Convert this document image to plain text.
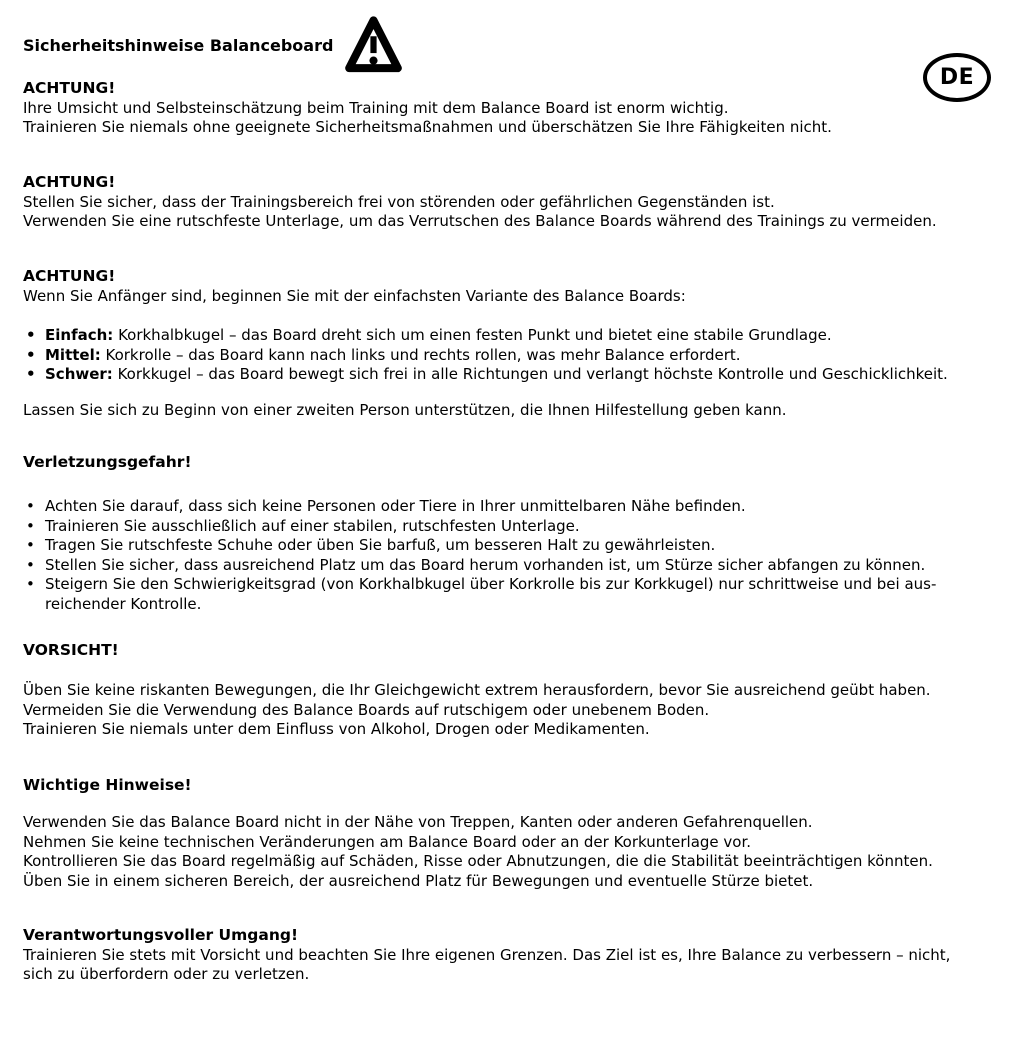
Sicherheitshinweise Balanceboard
DE
ACHTUNG!

Ihre Umsicht und Selbsteinschätzung beim Training mit dem Balance Board ist enorm wichtig.
Trainieren Sie niemals ohne geeignete Sicherheitsmaßnahmen und überschätzen Sie Ihre Fähigkeiten nicht.

ACHTUNG!

Stellen Sie sicher, dass der Trainingsbereich frei von störenden oder gefährlichen Gegenständen ist.
Verwenden Sie eine rutschfeste Unterlage, um das Verrutschen des Balance Boards während des Trainings zu vermeiden.

ACHTUNG!

Wenn Sie Anfänger sind, beginnen Sie mit der einfachsten Variante des Balance Boards:

• Einfach: Korkhalbkugel – das Board dreht sich um einen festen Punkt und bietet eine stabile Grundlage.
• Mittel: Korkrolle – das Board kann nach links und rechts rollen, was mehr Balance erfordert.
• Schwer: Korkkugel – das Board bewegt sich frei in alle Richtungen und verlangt höchste Kontrolle und Geschicklichkeit.

Lassen Sie sich zu Beginn von einer zweiten Person unterstützen, die Ihnen Hilfestellung geben kann.

Verletzungsgefahr!
• Achten Sie darauf, dass sich keine Personen oder Tiere in Ihrer unmittelbaren Nähe befinden.
• Trainieren Sie ausschließlich auf einer stabilen, rutschfesten Unterlage.
• Tragen Sie rutschfeste Schuhe oder üben Sie barfuß, um besseren Halt zu gewährleisten.
• Stellen Sie sicher, dass ausreichend Platz um das Board herum vorhanden ist, um Stürze sicher abfangen zu können.
• Steigern Sie den Schwierigkeitsgrad (von Korkhalbkugel über Korkrolle bis zur Korkkugel) nur schrittweise und bei aus-
reichender Kontrolle.
VORSICHT!

Üben Sie keine riskanten Bewegungen, die Ihr Gleichgewicht extrem herausfordern, bevor Sie ausreichend geübt haben.
Vermeiden Sie die Verwendung des Balance Boards auf rutschigem oder unebenem Boden.
Trainieren Sie niemals unter dem Einfluss von Alkohol, Drogen oder Medikamenten.

Wichtige Hinweise!

Verwenden Sie das Balance Board nicht in der Nähe von Treppen, Kanten oder anderen Gefahrenquellen.
Nehmen Sie keine technischen Veränderungen am Balance Board oder an der Korkunterlage vor.
Kontrollieren Sie das Board regelmäßig auf Schäden, Risse oder Abnutzungen, die die Stabilität beeinträchtigen könnten.
Üben Sie in einem sicheren Bereich, der ausreichend Platz für Bewegungen und eventuelle Stürze bietet.

Verantwortungsvoller Umgang!

Trainieren Sie stets mit Vorsicht und beachten Sie Ihre eigenen Grenzen. Das Ziel ist es, Ihre Balance zu verbessern – nicht,
sich zu überfordern oder zu verletzen.
